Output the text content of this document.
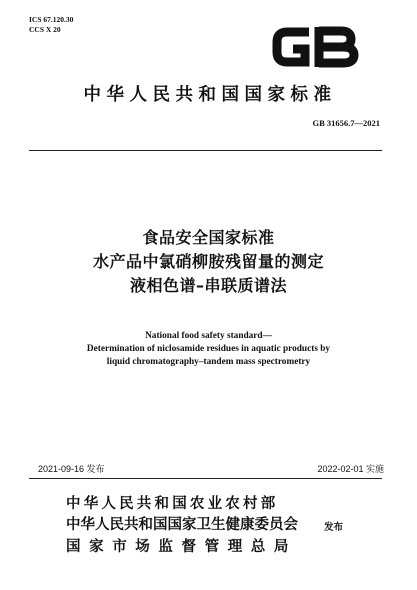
ICS 67.120.30
CCS X 20
中华人民共和国国家标准
GB 31656.7—2021
食品安全国家标准
水产品中氯硝柳胺残留量的测定
液相色谱–串联质谱法
National food safety standard—
Determination of niclosamide residues in aquatic products by
liquid chromatography–tandem mass spectrometry
2021-09-16 发布	2022-02-01 实施
中华人民共和国农业农村部
中华人民共和国国家卫生健康委员会
国家市场监督管理总局
发布
